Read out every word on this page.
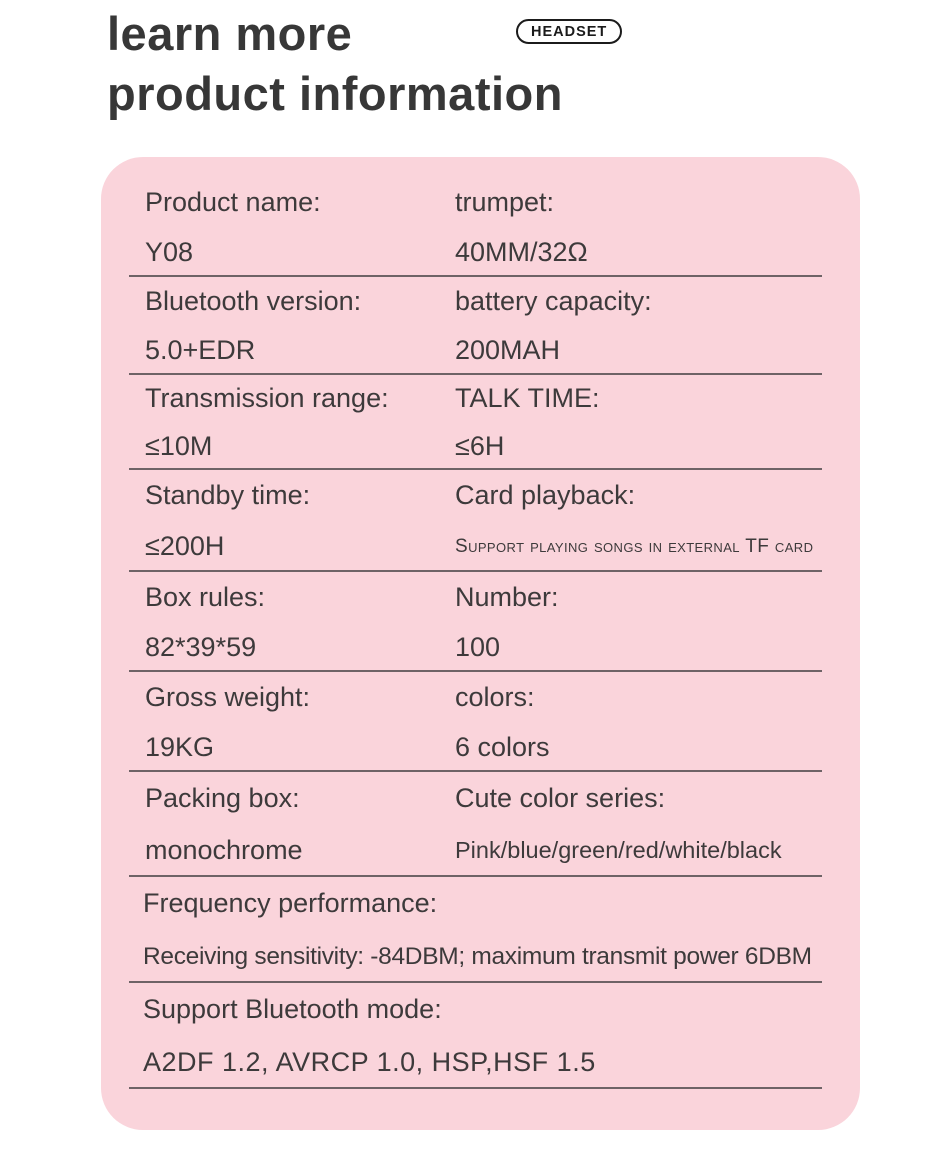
learn more
product information
HEADSET
Product name:	trumpet:
Y08	40MM/32Ω
Bluetooth version:	battery capacity:
5.0+EDR	200MAH
Transmission range:	TALK TIME:
≤10M	≤6H
Standby time:	Card playback:
≤200H	Support playing songs in external TF card
Box rules:	Number:
82*39*59	100
Gross weight:	colors:
19KG	6 colors
Packing box:	Cute color series:
monochrome	Pink/blue/green/red/white/black
Frequency performance:
Receiving sensitivity: -84DBM; maximum transmit power 6DBM
Support Bluetooth mode:
A2DF 1.2, AVRCP 1.0, HSP,HSF 1.5
